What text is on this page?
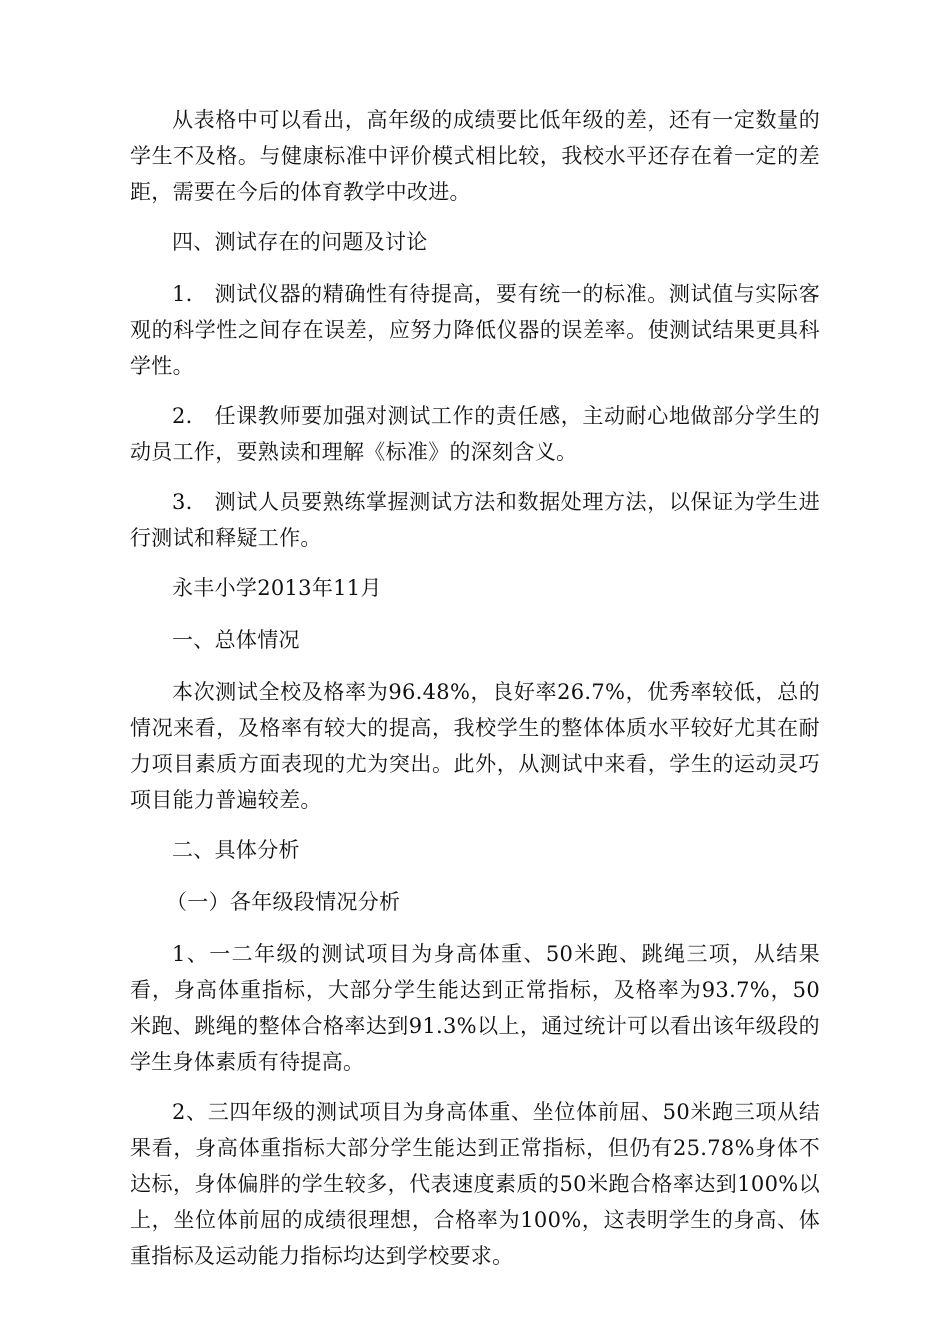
从表格中可以看出，高年级的成绩要比低年级的差，还有一定数量的学生不及格。与健康标准中评价模式相比较，我校水平还存在着一定的差距，需要在今后的体育教学中改进。

四、测试存在的问题及讨论

1.　测试仪器的精确性有待提高，要有统一的标准。测试值与实际客观的科学性之间存在误差，应努力降低仪器的误差率。使测试结果更具科学性。

2.　任课教师要加强对测试工作的责任感，主动耐心地做部分学生的动员工作，要熟读和理解《标准》的深刻含义。

3.　测试人员要熟练掌握测试方法和数据处理方法，以保证为学生进行测试和释疑工作。

永丰小学2013年11月

一、总体情况

本次测试全校及格率为96.48%，良好率26.7%，优秀率较低，总的情况来看，及格率有较大的提高，我校学生的整体体质水平较好尤其在耐力项目素质方面表现的尤为突出。此外，从测试中来看，学生的运动灵巧项目能力普遍较差。

二、具体分析

（一）各年级段情况分析

1、一二年级的测试项目为身高体重、50米跑、跳绳三项，从结果看，身高体重指标，大部分学生能达到正常指标，及格率为93.7%，50米跑、跳绳的整体合格率达到91.3%以上，通过统计可以看出该年级段的学生身体素质有待提高。

2、三四年级的测试项目为身高体重、坐位体前屈、50米跑三项从结果看，身高体重指标大部分学生能达到正常指标，但仍有25.78%身体不达标，身体偏胖的学生较多，代表速度素质的50米跑合格率达到100%以上，坐位体前屈的成绩很理想，合格率为100%，这表明学生的身高、体重指标及运动能力指标均达到学校要求。
